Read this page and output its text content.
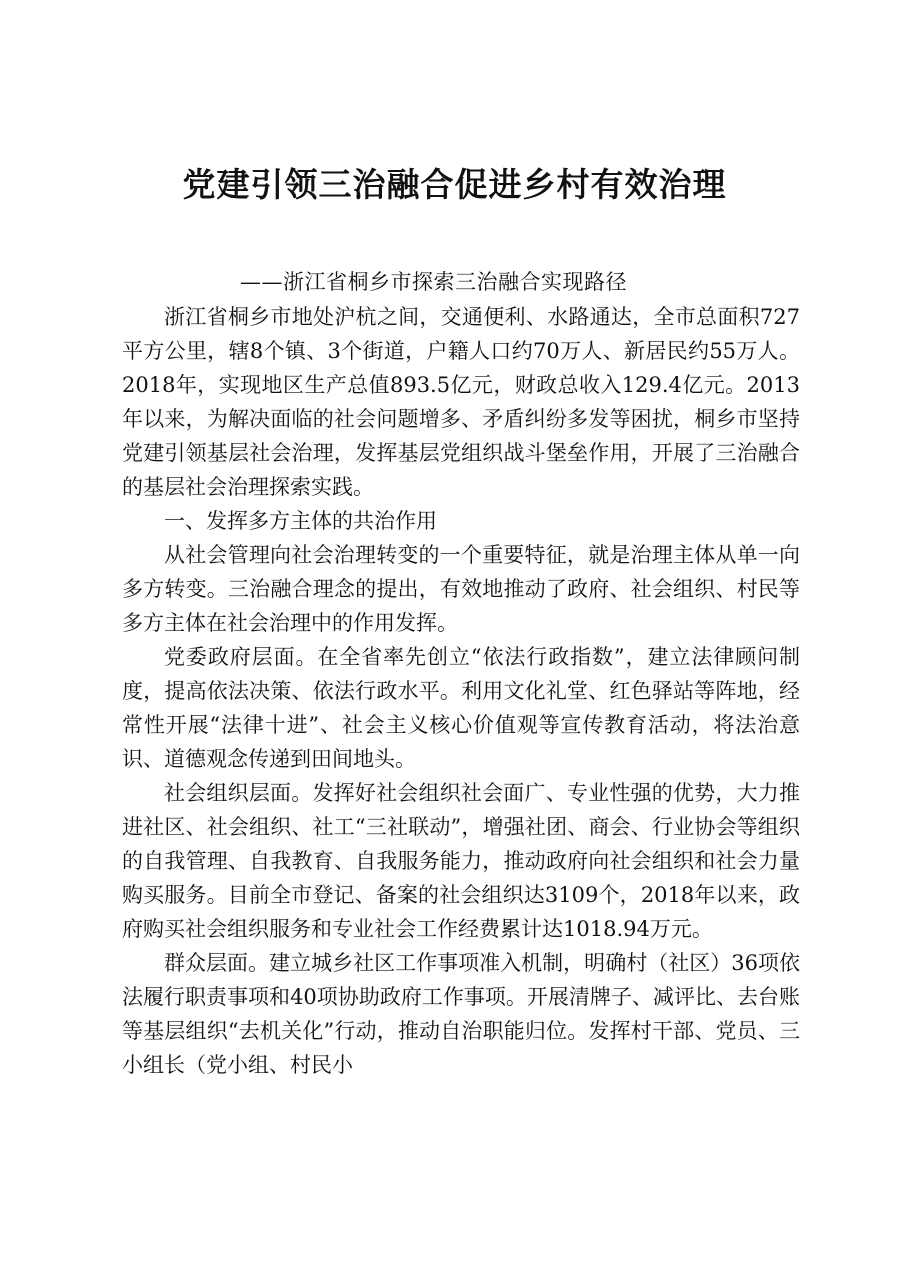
党建引领三治融合促进乡村有效治理
——浙江省桐乡市探索三治融合实现路径

浙江省桐乡市地处沪杭之间，交通便利、水路通达，全市总面积727平方公里，辖8个镇、3个街道，户籍人口约70万人、新居民约55万人。2018年，实现地区生产总值893.5亿元，财政总收入129.4亿元。2013年以来，为解决面临的社会问题增多、矛盾纠纷多发等困扰，桐乡市坚持党建引领基层社会治理，发挥基层党组织战斗堡垒作用，开展了三治融合的基层社会治理探索实践。

一、发挥多方主体的共治作用

从社会管理向社会治理转变的一个重要特征，就是治理主体从单一向多方转变。三治融合理念的提出，有效地推动了政府、社会组织、村民等多方主体在社会治理中的作用发挥。

党委政府层面。在全省率先创立“依法行政指数”，建立法律顾问制度，提高依法决策、依法行政水平。利用文化礼堂、红色驿站等阵地，经常性开展“法律十进”、社会主义核心价值观等宣传教育活动，将法治意识、道德观念传递到田间地头。

社会组织层面。发挥好社会组织社会面广、专业性强的优势，大力推进社区、社会组织、社工“三社联动”，增强社团、商会、行业协会等组织的自我管理、自我教育、自我服务能力，推动政府向社会组织和社会力量购买服务。目前全市登记、备案的社会组织达3109个，2018年以来，政府购买社会组织服务和专业社会工作经费累计达1018.94万元。

群众层面。建立城乡社区工作事项准入机制，明确村（社区）36项依法履行职责事项和40项协助政府工作事项。开展清牌子、减评比、去台账等基层组织“去机关化”行动，推动自治职能归位。发挥村干部、党员、三小组长（党小组、村民小
